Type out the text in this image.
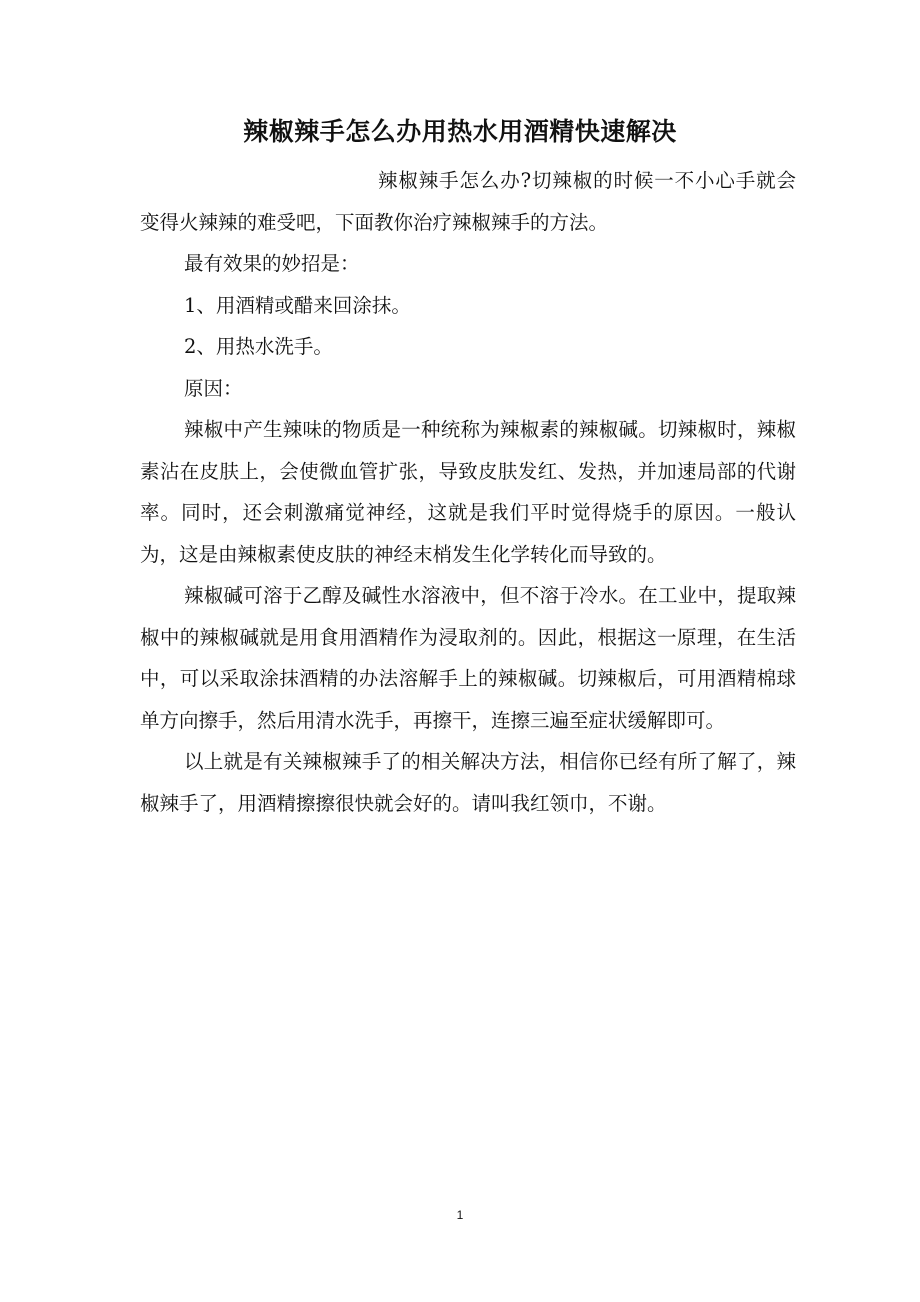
辣椒辣手怎么办用热水用酒精快速解决

辣椒辣手怎么办?切辣椒的时候一不小心手就会变得火辣辣的难受吧，下面教你治疗辣椒辣手的方法。

最有效果的妙招是：

1、用酒精或醋来回涂抹。

2、用热水洗手。

原因：

辣椒中产生辣味的物质是一种统称为辣椒素的辣椒碱。切辣椒时，辣椒素沾在皮肤上，会使微血管扩张，导致皮肤发红、发热，并加速局部的代谢率。同时，还会刺激痛觉神经，这就是我们平时觉得烧手的原因。一般认为，这是由辣椒素使皮肤的神经末梢发生化学转化而导致的。

辣椒碱可溶于乙醇及碱性水溶液中，但不溶于冷水。在工业中，提取辣椒中的辣椒碱就是用食用酒精作为浸取剂的。因此，根据这一原理，在生活中，可以采取涂抹酒精的办法溶解手上的辣椒碱。切辣椒后，可用酒精棉球单方向擦手，然后用清水洗手，再擦干，连擦三遍至症状缓解即可。

以上就是有关辣椒辣手了的相关解决方法，相信你已经有所了解了，辣椒辣手了，用酒精擦擦很快就会好的。请叫我红领巾，不谢。

1
